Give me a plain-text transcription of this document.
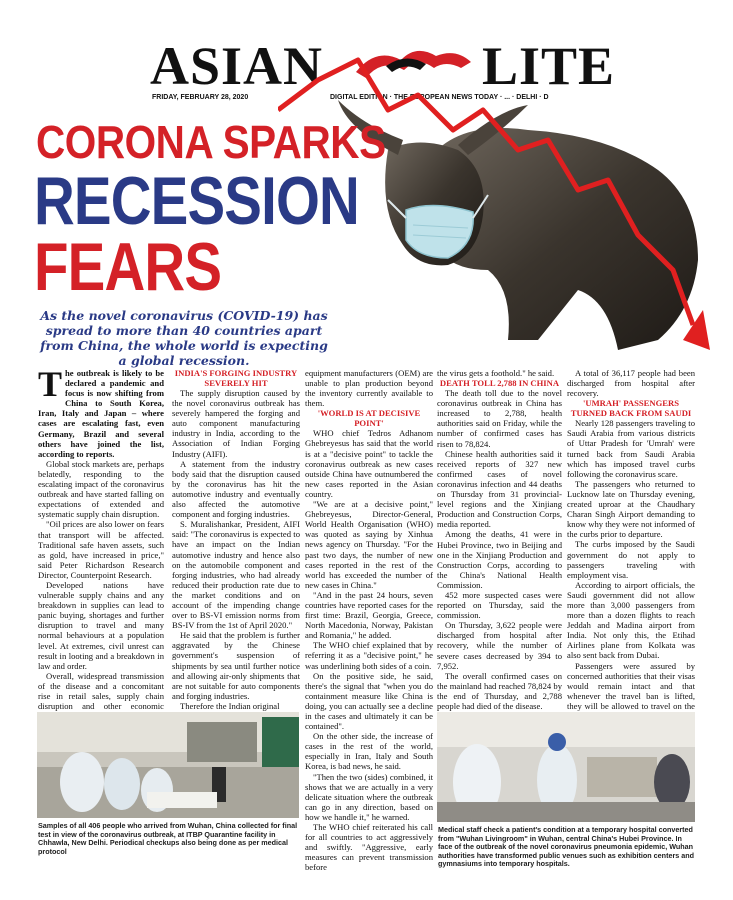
ASIAN	LITE
FRIDAY, FEBRUARY 28, 2020	DIGITAL EDITION · THE EUROPEAN NEWS TODAY · ... · DELHI · D
CORONA SPARKS
RECESSION
FEARS
As the novel coronavirus (COVID-19) has spread to more than 40 countries apart from China, the whole world is expecting a global recession.

The outbreak is likely to be declared a pandemic and focus is now shifting from China to South Korea, Iran, Italy and Japan – where cases are escalating fast, even Germany, Brazil and several others have joined the list, according to reports.

Global stock markets are, perhaps belatedly, responding to the escalating impact of the coronavirus outbreak and have started falling on expectations of extended and systematic supply chain disruption.

"Oil prices are also lower on fears that transport will be affected. Traditional safe haven assets, such as gold, have increased in price," said Peter Richardson Research Director, Counterpoint Research.

Developed nations have vulnerable supply chains and any breakdown in supplies can lead to panic buying, shortages and further disruption to travel and many normal behaviours at a population level. At extremes, civil unrest can result in looting and a breakdown in law and order.

Overall, widespread transmission of the disease and a concomitant rise in retail sales, supply chain disruption and other economic

INDIA'S FORGING INDUSTRY SEVERELY HIT

The supply disruption caused by the novel coronavirus outbreak has severely hampered the forging and auto component manufacturing industry in India, according to the Association of Indian Forging Industry (AIFI).

A statement from the industry body said that the disruption caused by the coronavirus has hit the automotive industry and eventually also affected the automotive component and forging industries.

S. Muralishankar, President, AIFI said: "The coronavirus is expected to have an impact on the Indian automotive industry and hence also on the automobile component and forging industries, who had already reduced their production rate due to the market conditions and on account of the impending change over to BS-VI emission norms from BS-IV from the 1st of April 2020."

He said that the problem is further aggravated by the Chinese government's suspension of shipments by sea until further notice and allowing air-only shipments that are not suitable for auto components and forging industries.

Therefore the Indian original

equipment manufacturers (OEM) are unable to plan production beyond the inventory currently available to them.

'WORLD IS AT DECISIVE POINT'

WHO chief Tedros Adhanom Ghebreyesus has said that the world is at a "decisive point" to tackle the coronavirus outbreak as new cases outside China have outnumbered the new cases reported in the Asian country.

"We are at a decisive point," Ghebreyesus, Director-General, World Health Organisation (WHO) was quoted as saying by Xinhua news agency on Thursday. "For the past two days, the number of new cases reported in the rest of the world has exceeded the number of new cases in China."

"And in the past 24 hours, seven countries have reported cases for the first time: Brazil, Georgia, Greece, North Macedonia, Norway, Pakistan and Romania," he added.

The WHO chief explained that by referring it as a "decisive point," he was underlining both sides of a coin.

On the positive side, he said, there's the signal that "when you do containment measure like China is doing, you can actually see a decline in the cases and ultimately it can be contained".

On the other side, the increase of cases in the rest of the world, especially in Iran, Italy and South Korea, is bad news, he said.

"Then the two (sides) combined, it shows that we are actually in a very delicate situation where the outbreak can go in any direction, based on how we handle it," he warned.

The WHO chief reiterated his call for all countries to act aggressively and swiftly. "Aggressive, early measures can prevent transmission before

the virus gets a foothold." he said.

DEATH TOLL 2,788 IN CHINA

The death toll due to the novel coronavirus outbreak in China has increased to 2,788, health authorities said on Friday, while the number of confirmed cases has risen to 78,824.

Chinese health authorities said it received reports of 327 new confirmed cases of novel coronavirus infection and 44 deaths on Thursday from 31 provincial-level regions and the Xinjiang Production and Construction Corps, media reported.

Among the deaths, 41 were in Hubei Province, two in Beijing and one in the Xinjiang Production and Construction Corps, according to the China's National Health Commission.

452 more suspected cases were reported on Thursday, said the commission.

On Thursday, 3,622 people were discharged from hospital after recovery, while the number of severe cases decreased by 394 to 7,952.

The overall confirmed cases on the mainland had reached 78,824 by the end of Thursday, and 2,788 people had died of the disease.

A total of 36,117 people had been discharged from hospital after recovery.

'UMRAH' PASSENGERS TURNED BACK FROM SAUDI

Nearly 128 passengers traveling to Saudi Arabia from various districts of Uttar Pradesh for 'Umrah' were turned back from Saudi Arabia which has imposed travel curbs following the coronavirus scare.

The passengers who returned to Lucknow late on Thursday evening, created uproar at the Chaudhary Charan Singh Airport demanding to know why they were not informed of the curbs prior to departure.

The curbs imposed by the Saudi government do not apply to passengers traveling with employment visa.

According to airport officials, the Saudi government did not allow more than 3,000 passengers from more than a dozen flights to reach Jeddah and Madina airport from India. Not only this, the Etihad Airlines plane from Kolkata was also sent back from Dubai.

Passengers were assured by concerned authorities that their visas would remain intact and that whenever the travel ban is lifted, they will be allowed to travel on the

Samples of all 406 people who arrived from Wuhan, China collected for final test in view of the coronavirus outbreak, at ITBP Quarantine facility in Chhawla, New Delhi. Periodical checkups also being done as per medical protocol
Medical staff check a patient's condition at a temporary hospital converted from "Wuhan Livingroom" in Wuhan, central China's Hubei Province. In face of the outbreak of the novel coronavirus pneumonia epidemic, Wuhan authorities have transformed public venues such as exhibition centers and gymnasiums into temporary hospitals.
